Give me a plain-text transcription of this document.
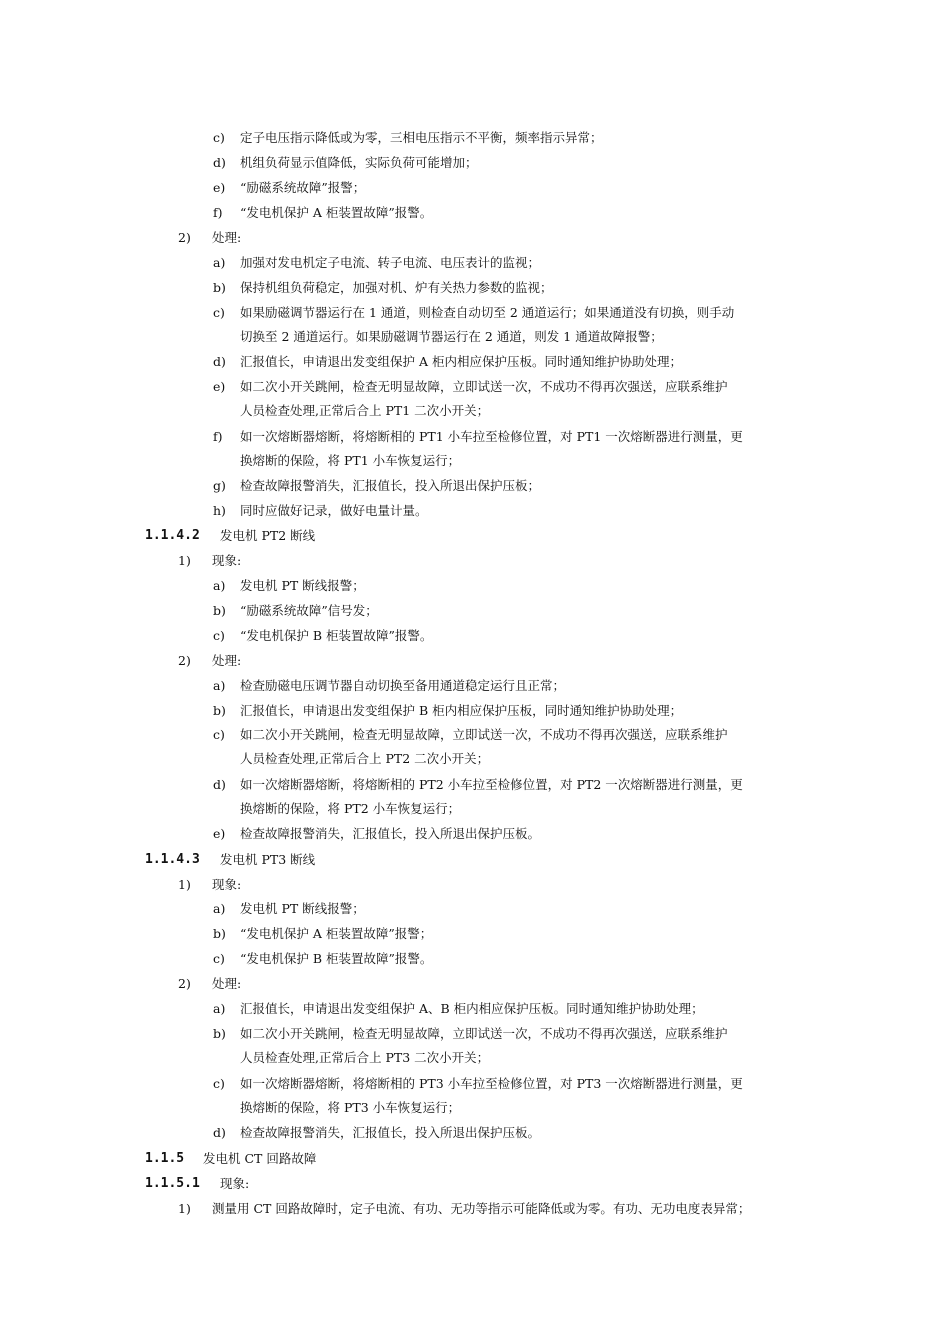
c) 定子电压指示降低或为零，三相电压指示不平衡，频率指示异常；
d) 机组负荷显示值降低，实际负荷可能增加；
e) “励磁系统故障”报警；
f) “发电机保护 A 柜装置故障”报警。
2) 处理:
a) 加强对发电机定子电流、转子电流、电压表计的监视；
b) 保持机组负荷稳定，加强对机、炉有关热力参数的监视；
c) 如果励磁调节器运行在 1 通道，则检查自动切至 2 通道运行；如果通道没有切换，则手动
切换至 2 通道运行。如果励磁调节器运行在 2 通道，则发 1 通道故障报警；
d) 汇报值长，申请退出发变组保护 A 柜内相应保护压板。同时通知维护协助处理；
e) 如二次小开关跳闸，检查无明显故障，立即试送一次，不成功不得再次强送，应联系维护
人员检查处理,正常后合上 PT1 二次小开关；
f) 如一次熔断器熔断，将熔断相的 PT1 小车拉至检修位置，对 PT1 一次熔断器进行测量，更
换熔断的保险，将 PT1 小车恢复运行；
g) 检查故障报警消失，汇报值长，投入所退出保护压板；
h) 同时应做好记录，做好电量计量。
1.1.4.2 发电机 PT2 断线
1) 现象:
a) 发电机 PT 断线报警；
b) “励磁系统故障”信号发；
c) “发电机保护 B 柜装置故障”报警。
2) 处理:
a) 检查励磁电压调节器自动切换至备用通道稳定运行且正常；
b) 汇报值长，申请退出发变组保护 B 柜内相应保护压板，同时通知维护协助处理；
c) 如二次小开关跳闸，检查无明显故障，立即试送一次，不成功不得再次强送，应联系维护
人员检查处理,正常后合上 PT2 二次小开关；
d) 如一次熔断器熔断，将熔断相的 PT2 小车拉至检修位置，对 PT2 一次熔断器进行测量，更
换熔断的保险，将 PT2 小车恢复运行；
e) 检查故障报警消失，汇报值长，投入所退出保护压板。
1.1.4.3 发电机 PT3 断线
1) 现象:
a) 发电机 PT 断线报警；
b) “发电机保护 A 柜装置故障”报警；
c) “发电机保护 B 柜装置故障”报警。
2) 处理:
a) 汇报值长，申请退出发变组保护 A、B 柜内相应保护压板。同时通知维护协助处理；
b) 如二次小开关跳闸，检查无明显故障，立即试送一次，不成功不得再次强送，应联系维护
人员检查处理,正常后合上 PT3 二次小开关；
c) 如一次熔断器熔断，将熔断相的 PT3 小车拉至检修位置，对 PT3 一次熔断器进行测量，更
换熔断的保险，将 PT3 小车恢复运行；
d) 检查故障报警消失，汇报值长，投入所退出保护压板。
1.1.5 发电机 CT 回路故障
1.1.5.1 现象:
1) 测量用 CT 回路故障时，定子电流、有功、无功等指示可能降低或为零。有功、无功电度表异常；
